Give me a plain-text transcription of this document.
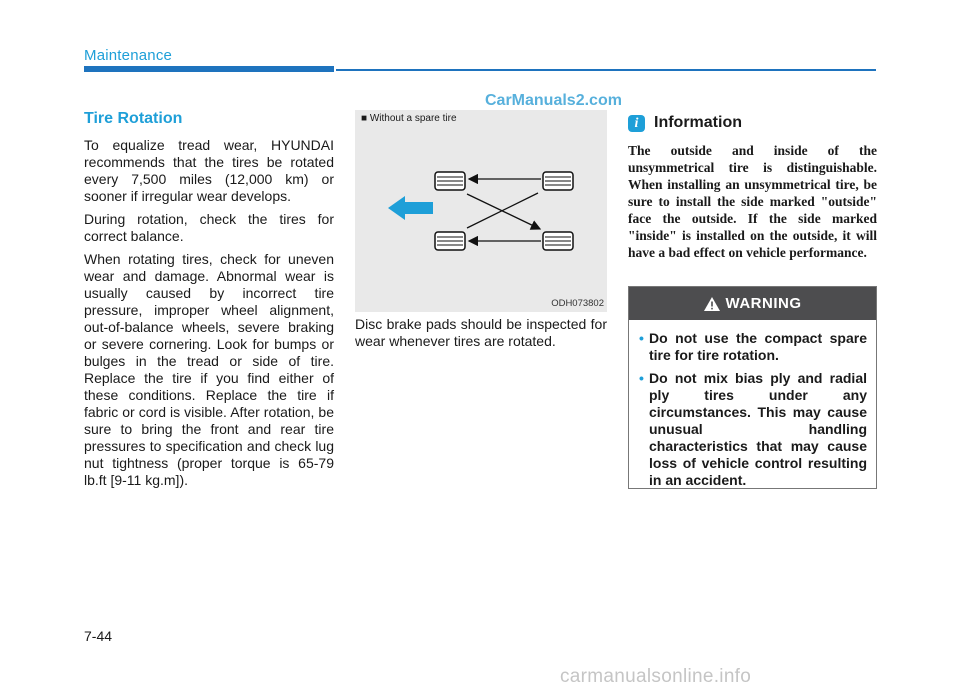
Maintenance
Tire Rotation

To equalize tread wear, HYUNDAI recommends that the tires be rotated every 7,500 miles (12,000 km) or sooner if irregular wear develops.

During rotation, check the tires for correct balance.

When rotating tires, check for uneven wear and damage. Abnormal wear is usually caused by incorrect tire pressure, improper wheel alignment, out-of-balance wheels, severe braking or severe cornering. Look for bumps or bulges in the tread or side of tire. Replace the tire if you find either of these conditions. Replace the tire if fabric or cord is visible. After rotation, be sure to bring the front and rear tire pressures to specification and check lug nut tightness (proper torque is 65-79 lb.ft [9-11 kg.m]).

CarManuals2.com
■ Without a spare tire
ODH073802

Disc brake pads should be inspected for wear whenever tires are rotated.

i Information

The outside and inside of the unsymmetrical tire is distinguishable. When installing an unsymmetrical tire, be sure to install the side marked "outside" face the outside. If the side marked "inside" is installed on the outside, it will have a bad effect on vehicle performance.

WARNING
• Do not use the compact spare tire for tire rotation.
• Do not mix bias ply and radial ply tires under any circumstances. This may cause unusual handling characteristics that may cause loss of vehicle control resulting in an accident.
7-44
carmanualsonline.info
